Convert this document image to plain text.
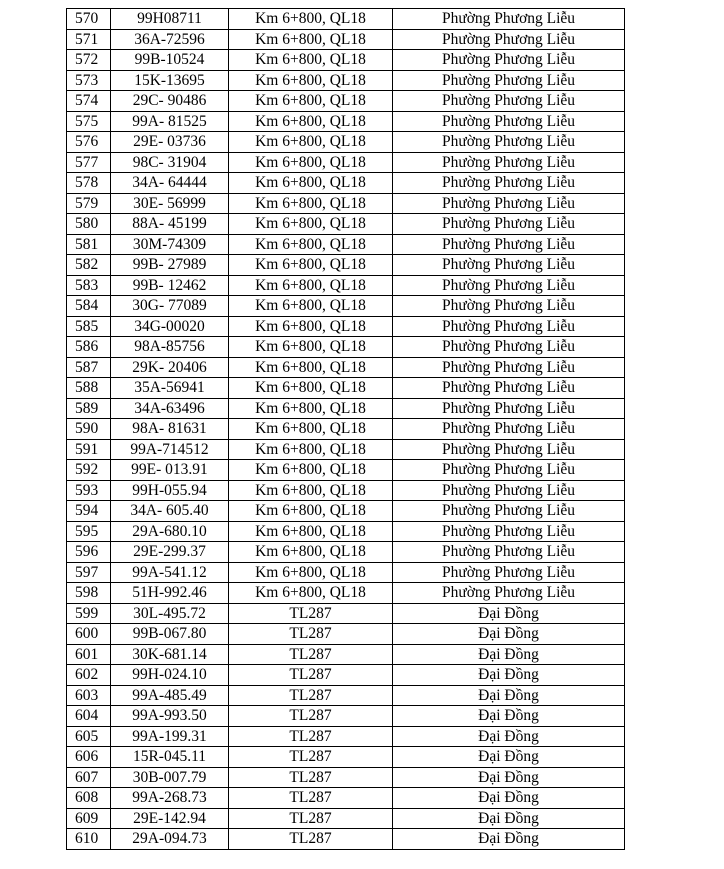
570	99H08711	Km 6+800, QL18	Phường Phương Liễu
571	36A-72596	Km 6+800, QL18	Phường Phương Liễu
572	99B-10524	Km 6+800, QL18	Phường Phương Liễu
573	15K-13695	Km 6+800, QL18	Phường Phương Liễu
574	29C- 90486	Km 6+800, QL18	Phường Phương Liễu
575	99A- 81525	Km 6+800, QL18	Phường Phương Liễu
576	29E- 03736	Km 6+800, QL18	Phường Phương Liễu
577	98C- 31904	Km 6+800, QL18	Phường Phương Liễu
578	34A- 64444	Km 6+800, QL18	Phường Phương Liễu
579	30E- 56999	Km 6+800, QL18	Phường Phương Liễu
580	88A- 45199	Km 6+800, QL18	Phường Phương Liễu
581	30M-74309	Km 6+800, QL18	Phường Phương Liễu
582	99B- 27989	Km 6+800, QL18	Phường Phương Liễu
583	99B- 12462	Km 6+800, QL18	Phường Phương Liễu
584	30G- 77089	Km 6+800, QL18	Phường Phương Liễu
585	34G-00020	Km 6+800, QL18	Phường Phương Liễu
586	98A-85756	Km 6+800, QL18	Phường Phương Liễu
587	29K- 20406	Km 6+800, QL18	Phường Phương Liễu
588	35A-56941	Km 6+800, QL18	Phường Phương Liễu
589	34A-63496	Km 6+800, QL18	Phường Phương Liễu
590	98A- 81631	Km 6+800, QL18	Phường Phương Liễu
591	99A-714512	Km 6+800, QL18	Phường Phương Liễu
592	99E- 013.91	Km 6+800, QL18	Phường Phương Liễu
593	99H-055.94	Km 6+800, QL18	Phường Phương Liễu
594	34A- 605.40	Km 6+800, QL18	Phường Phương Liễu
595	29A-680.10	Km 6+800, QL18	Phường Phương Liễu
596	29E-299.37	Km 6+800, QL18	Phường Phương Liễu
597	99A-541.12	Km 6+800, QL18	Phường Phương Liễu
598	51H-992.46	Km 6+800, QL18	Phường Phương Liễu
599	30L-495.72	TL287	Đại Đồng
600	99B-067.80	TL287	Đại Đồng
601	30K-681.14	TL287	Đại Đồng
602	99H-024.10	TL287	Đại Đồng
603	99A-485.49	TL287	Đại Đồng
604	99A-993.50	TL287	Đại Đồng
605	99A-199.31	TL287	Đại Đồng
606	15R-045.11	TL287	Đại Đồng
607	30B-007.79	TL287	Đại Đồng
608	99A-268.73	TL287	Đại Đồng
609	29E-142.94	TL287	Đại Đồng
610	29A-094.73	TL287	Đại Đồng
